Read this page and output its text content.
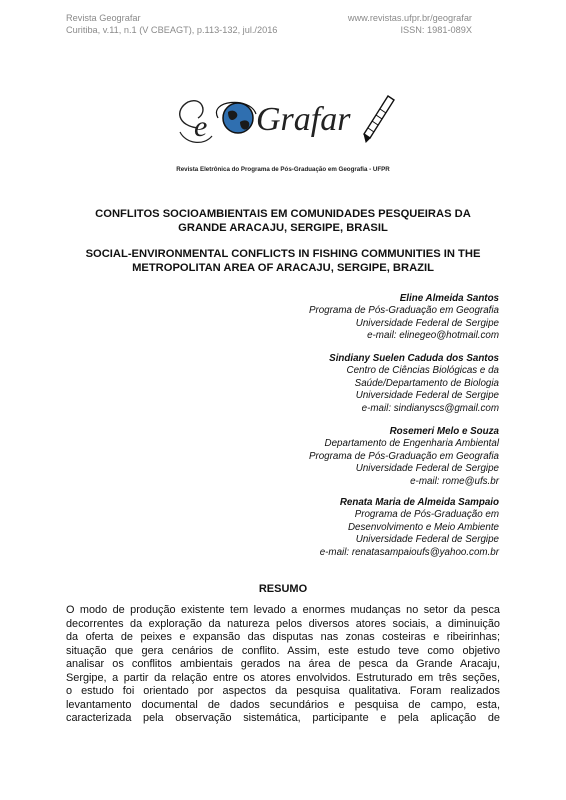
Revista Geografar
Curitiba, v.11, n.1 (V CBEAGT), p.113-132, jul./2016
www.revistas.ufpr.br/geografar
ISSN: 1981-089X
e Grafar
Revista Eletrônica do Programa de Pós-Graduação em Geografia - UFPR
CONFLITOS SOCIOAMBIENTAIS EM COMUNIDADES PESQUEIRAS DA
GRANDE ARACAJU, SERGIPE, BRASIL
SOCIAL-ENVIRONMENTAL CONFLICTS IN FISHING COMMUNITIES IN THE
METROPOLITAN AREA OF ARACAJU, SERGIPE, BRAZIL
Eline Almeida Santos
Programa de Pós-Graduação em Geografia
Universidade Federal de Sergipe
e-mail: elinegeo@hotmail.com
Sindiany Suelen Caduda dos Santos
Centro de Ciências Biológicas e da
Saúde/Departamento de Biologia
Universidade Federal de Sergipe
e-mail: sindianyscs@gmail.com
Rosemeri Melo e Souza
Departamento de Engenharia Ambiental
Programa de Pós-Graduação em Geografia
Universidade Federal de Sergipe
e-mail: rome@ufs.br
Renata Maria de Almeida Sampaio
Programa de Pós-Graduação em
Desenvolvimento e Meio Ambiente
Universidade Federal de Sergipe
e-mail: renatasampaioufs@yahoo.com.br
RESUMO
O modo de produção existente tem levado a enormes mudanças no setor da pesca
decorrentes da exploração da natureza pelos diversos atores sociais, a diminuição
da oferta de peixes e expansão das disputas nas zonas costeiras e ribeirinhas;
situação que gera cenários de conflito. Assim, este estudo teve como objetivo
analisar os conflitos ambientais gerados na área de pesca da Grande Aracaju,
Sergipe, a partir da relação entre os atores envolvidos. Estruturado em três seções,
o estudo foi orientado por aspectos da pesquisa qualitativa. Foram realizados
levantamento documental de dados secundários e pesquisa de campo, esta,
caracterizada pela observação sistemática, participante e pela aplicação de
